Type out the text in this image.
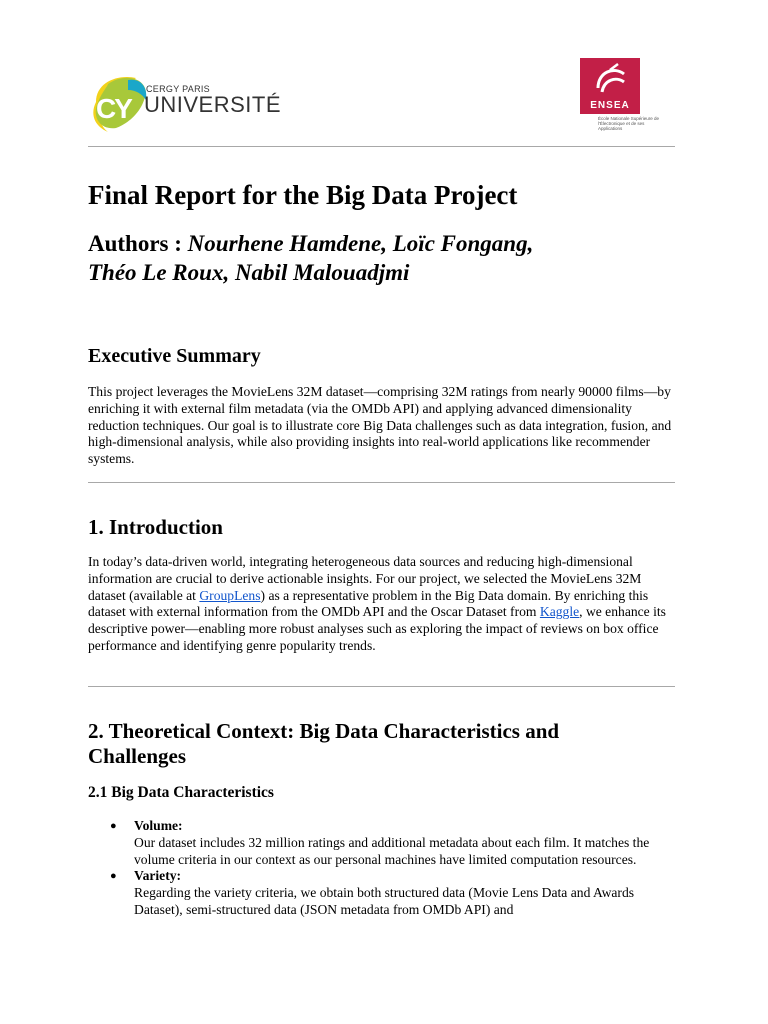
CY
CERGY PARIS
UNIVERSITÉ	ENSEA
École Nationale Supérieure de l'Électronique et de ses Applications
Final Report for the Big Data Project
Authors : Nourhene Hamdene, Loïc Fongang,
Théo Le Roux, Nabil Malouadjmi
Executive Summary

This project leverages the MovieLens 32M dataset—comprising 32M ratings from nearly 90000 films—by enriching it with external film metadata (via the OMDb API) and applying advanced dimensionality reduction techniques. Our goal is to illustrate core Big Data challenges such as data integration, fusion, and high-dimensional analysis, while also providing insights into real-world applications like recommender systems.

1. Introduction

In today’s data-driven world, integrating heterogeneous data sources and reducing high-dimensional information are crucial to derive actionable insights. For our project, we selected the MovieLens 32M dataset (available at GroupLens) as a representative problem in the Big Data domain. By enriching this dataset with external information from the OMDb API and the Oscar Dataset from Kaggle, we enhance its descriptive power—enabling more robust analyses such as exploring the impact of reviews on box office performance and identifying genre popularity trends.

2. Theoretical Context: Big Data Characteristics and
Challenges
2.1 Big Data Characteristics
● Volume:
Our dataset includes 32 million ratings and additional metadata about each film. It matches the volume criteria in our context as our personal machines have limited computation resources.
● Variety:
Regarding the variety criteria, we obtain both structured data (Movie Lens Data and Awards Dataset), semi-structured data (JSON metadata from OMDb API) and
